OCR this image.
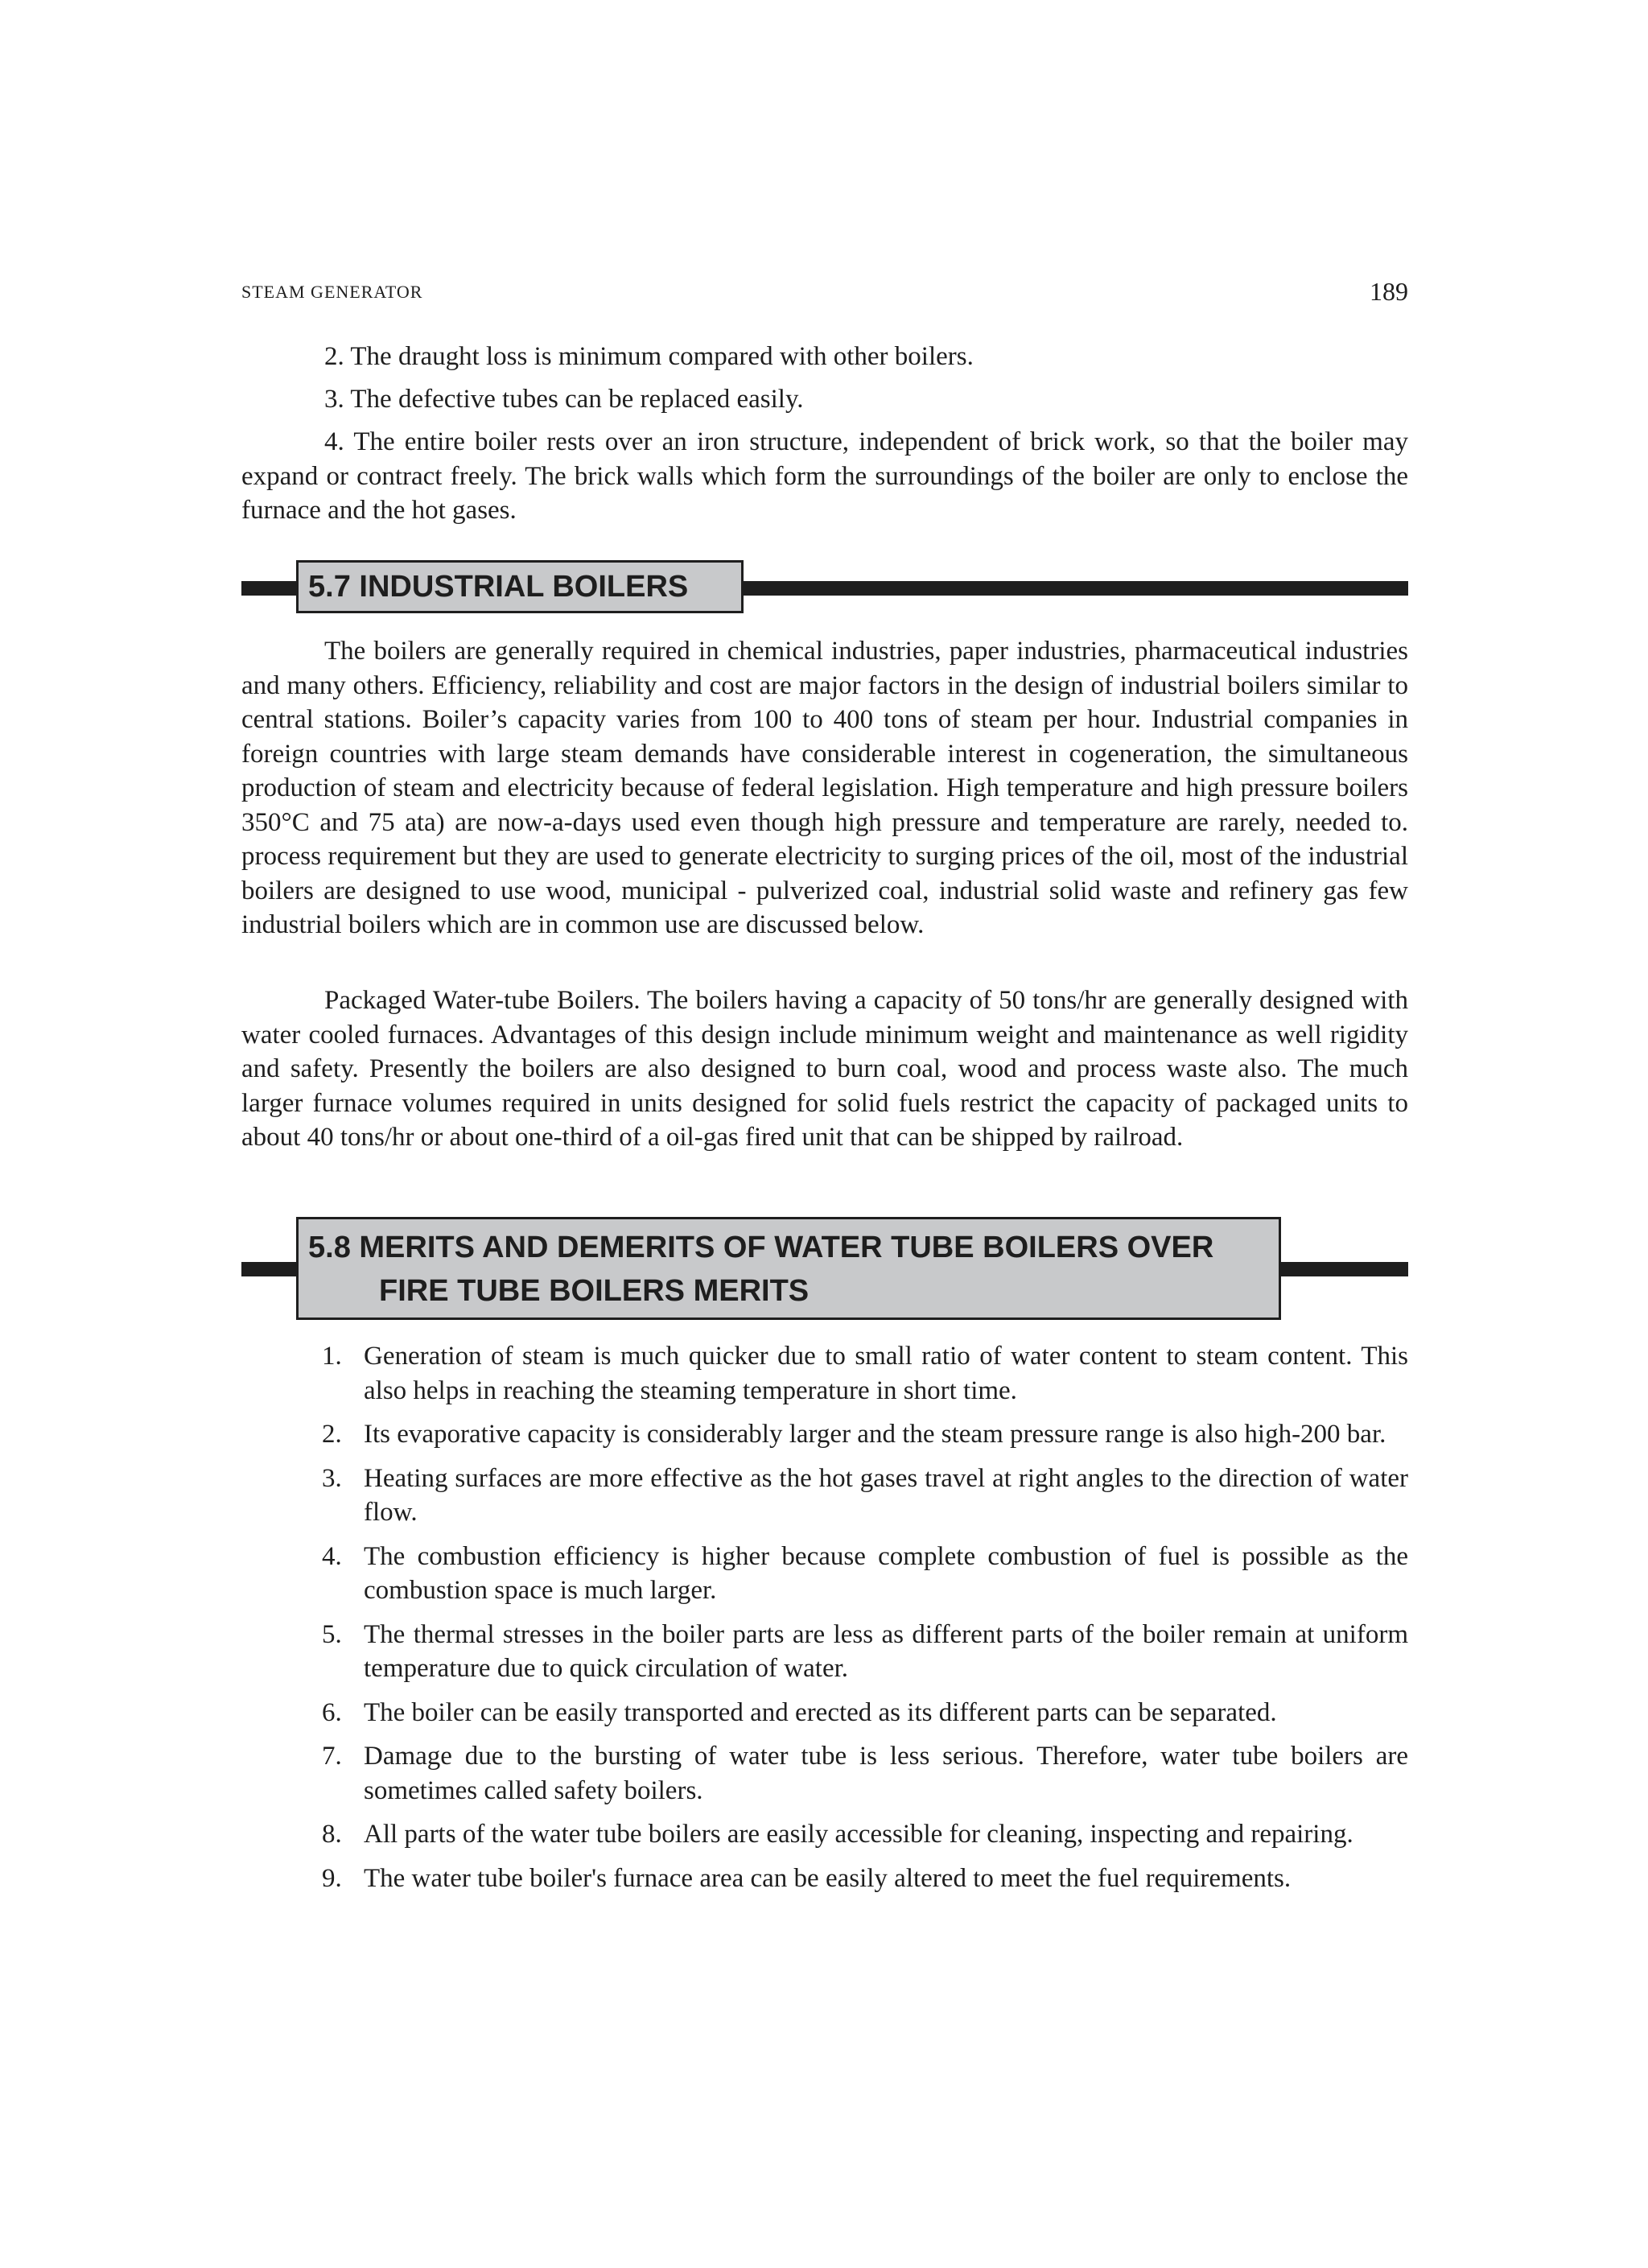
STEAM GENERATOR	189

2. The draught loss is minimum compared with other boilers.

3. The defective tubes can be replaced easily.

4. The entire boiler rests over an iron structure, independent of brick work, so that the boiler may expand or contract freely. The brick walls which form the surroundings of the boiler are only to enclose the furnace and the hot gases.

5.7 INDUSTRIAL BOILERS

The boilers are generally required in chemical industries, paper industries, pharmaceutical industries and many others. Efficiency, reliability and cost are major factors in the design of industrial boilers similar to central stations. Boiler’s capacity varies from 100 to 400 tons of steam per hour. Industrial companies in foreign countries with large steam demands have considerable interest in cogeneration, the simultaneous production of steam and electricity because of federal legislation. High temperature and high pressure boilers 350°C and 75 ata) are now-a-days used even though high pressure and temperature are rarely, needed to. process requirement but they are used to generate electricity to surging prices of the oil, most of the industrial boilers are designed to use wood, municipal - pulverized coal, industrial solid waste and refinery gas few industrial boilers which are in common use are discussed below.

Packaged Water-tube Boilers. The boilers having a capacity of 50 tons/hr are generally designed with water cooled furnaces. Advantages of this design include minimum weight and maintenance as well rigidity and safety. Presently the boilers are also designed to burn coal, wood and process waste also. The much larger furnace volumes required in units designed for solid fuels restrict the capacity of packaged units to about 40 tons/hr or about one-third of a oil-gas fired unit that can be shipped by railroad.

5.8 MERITS AND DEMERITS OF WATER TUBE BOILERS OVER
FIRE TUBE BOILERS MERITS
1. Generation of steam is much quicker due to small ratio of water content to steam content. This also helps in reaching the steaming temperature in short time.
2. Its evaporative capacity is considerably larger and the steam pressure range is also high-200 bar.
3. Heating surfaces are more effective as the hot gases travel at right angles to the direction of water flow.
4. The combustion efficiency is higher because complete combustion of fuel is possible as the combustion space is much larger.
5. The thermal stresses in the boiler parts are less as different parts of the boiler remain at uniform temperature due to quick circulation of water.
6. The boiler can be easily transported and erected as its different parts can be separated.
7. Damage due to the bursting of water tube is less serious. Therefore, water tube boilers are sometimes called safety boilers.
8. All parts of the water tube boilers are easily accessible for cleaning, inspecting and repairing.
9. The water tube boiler's furnace area can be easily altered to meet the fuel requirements.
